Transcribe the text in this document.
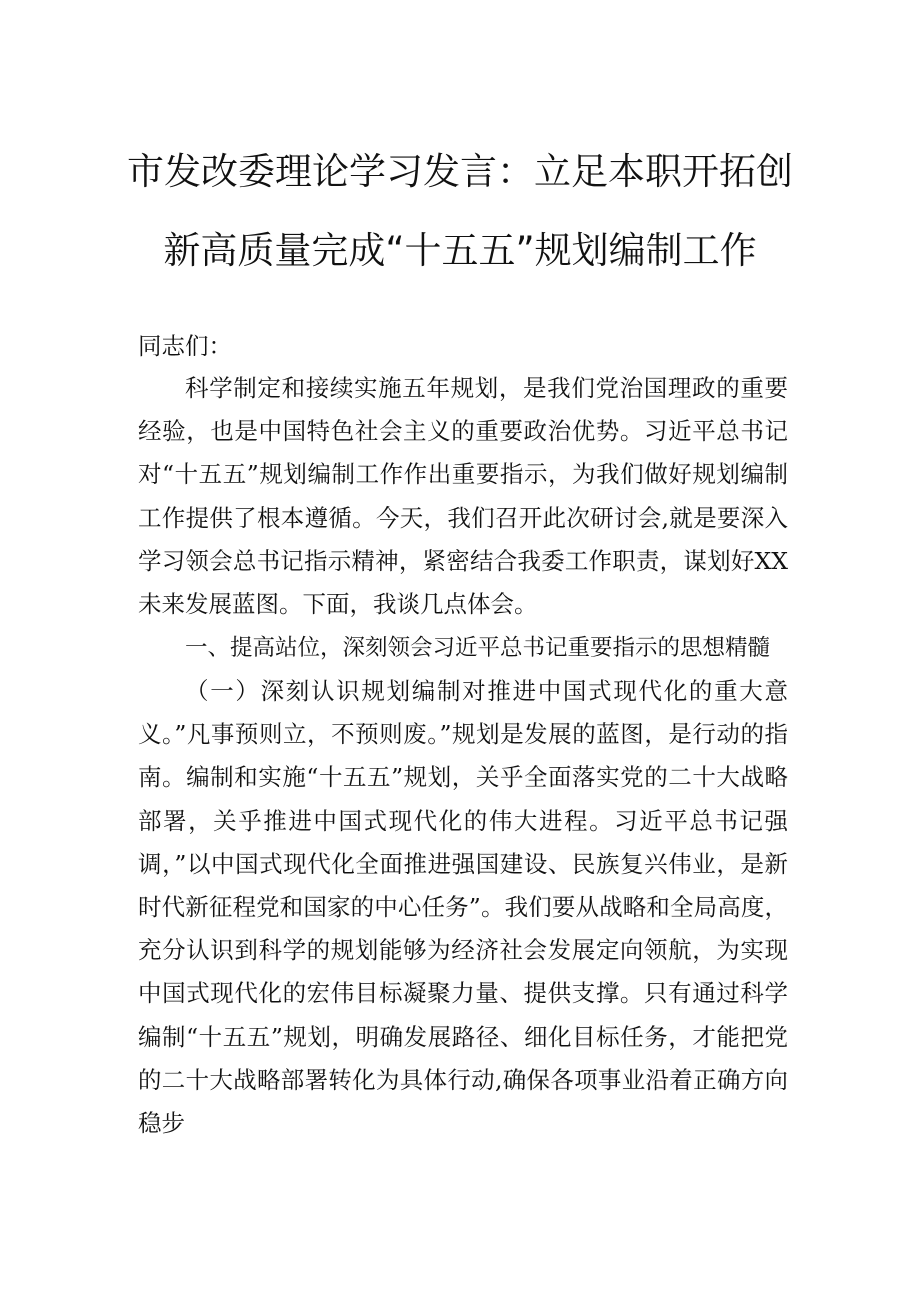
市发改委理论学习发言：立足本职开拓创
新高质量完成“十五五”规划编制工作
同志们：
科学制定和接续实施五年规划，是我们党治国理政的重要经验，也是中国特色社会主义的重要政治优势。习近平总书记对“十五五”规划编制工作作出重要指示，为我们做好规划编制工作提供了根本遵循。今天，我们召开此次研讨会,就是要深入学习领会总书记指示精神，紧密结合我委工作职责，谋划好XX未来发展蓝图。下面，我谈几点体会。
一、提高站位，深刻领会习近平总书记重要指示的思想精髓
（一）深刻认识规划编制对推进中国式现代化的重大意义。”凡事预则立，不预则废。”规划是发展的蓝图，是行动的指南。编制和实施“十五五”规划，关乎全面落实党的二十大战略部署，关乎推进中国式现代化的伟大进程。习近平总书记强调，”以中国式现代化全面推进强国建设、民族复兴伟业，是新时代新征程党和国家的中心任务”。我们要从战略和全局高度，充分认识到科学的规划能够为经济社会发展定向领航，为实现中国式现代化的宏伟目标凝聚力量、提供支撑。只有通过科学编制“十五五”规划，明确发展路径、细化目标任务，才能把党的二十大战略部署转化为具体行动,确保各项事业沿着正确方向稳步
